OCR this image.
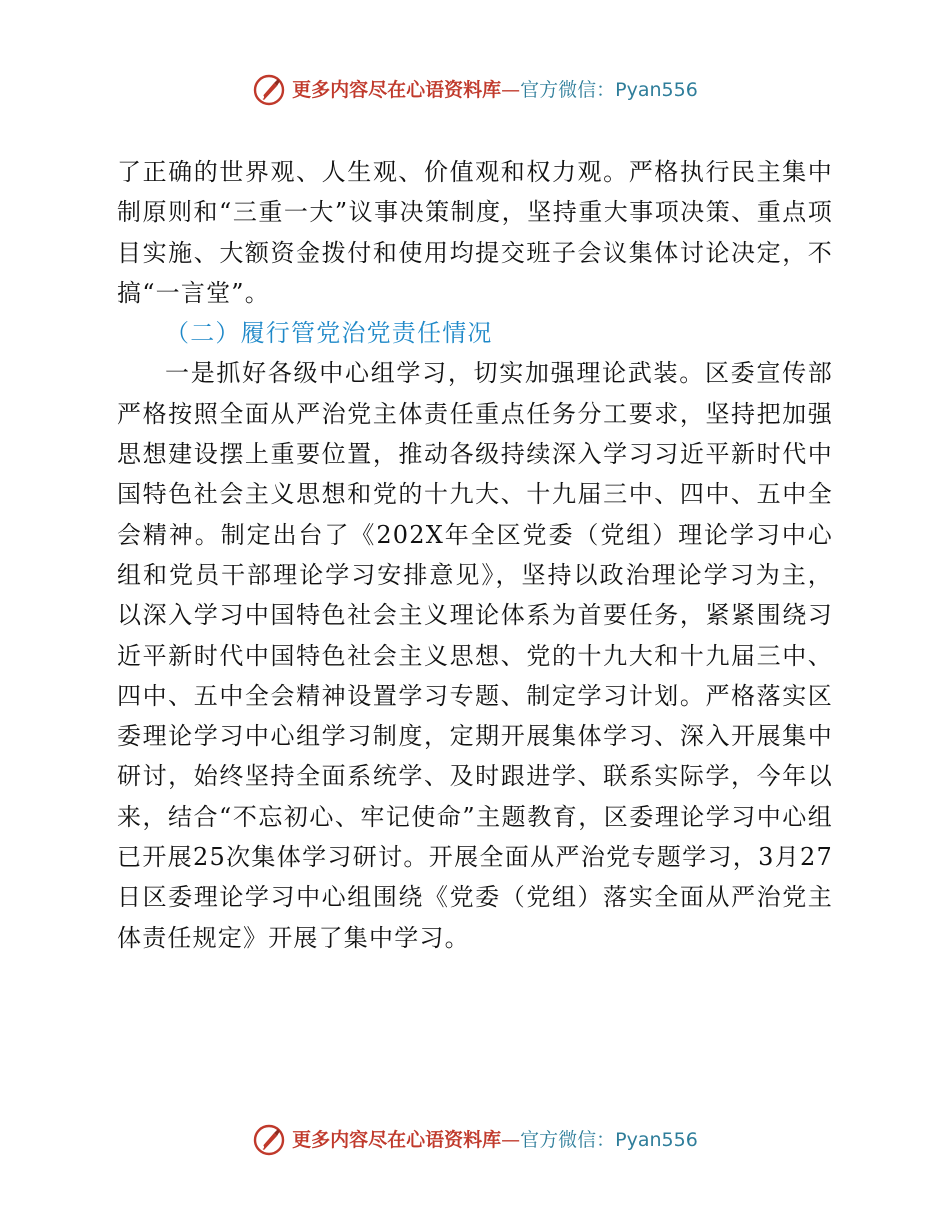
更多内容尽在心语资料库—官方微信：Pyan556

了正确的世界观、人生观、价值观和权力观。严格执行民主集中制原则和“三重一大”议事决策制度，坚持重大事项决策、重点项目实施、大额资金拨付和使用均提交班子会议集体讨论决定，不搞“一言堂”。

（二）履行管党治党责任情况

一是抓好各级中心组学习，切实加强理论武装。区委宣传部严格按照全面从严治党主体责任重点任务分工要求，坚持把加强思想建设摆上重要位置，推动各级持续深入学习习近平新时代中国特色社会主义思想和党的十九大、十九届三中、四中、五中全会精神。制定出台了《202X年全区党委（党组）理论学习中心组和党员干部理论学习安排意见》，坚持以政治理论学习为主，以深入学习中国特色社会主义理论体系为首要任务，紧紧围绕习近平新时代中国特色社会主义思想、党的十九大和十九届三中、四中、五中全会精神设置学习专题、制定学习计划。严格落实区委理论学习中心组学习制度，定期开展集体学习、深入开展集中研讨，始终坚持全面系统学、及时跟进学、联系实际学，今年以来，结合“不忘初心、牢记使命”主题教育，区委理论学习中心组已开展25次集体学习研讨。开展全面从严治党专题学习，3月27日区委理论学习中心组围绕《党委（党组）落实全面从严治党主体责任规定》开展了集中学习。

更多内容尽在心语资料库—官方微信：Pyan556
